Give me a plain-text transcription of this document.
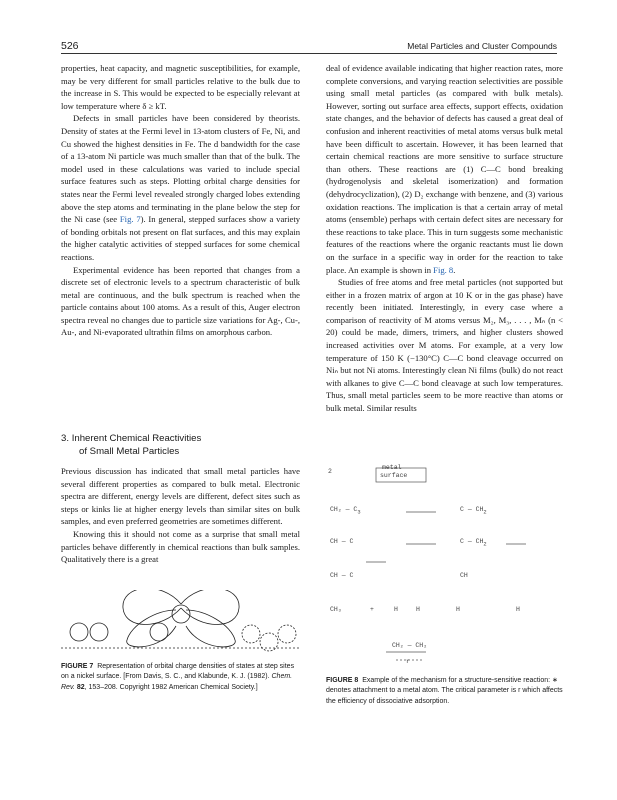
526	Metal Particles and Cluster Compounds

properties, heat capacity, and magnetic susceptibilities, for example, may be very different for small particles relative to the bulk due to the increase in S. This would be expected to be especially relevant at low temperature where δ ≥ kT.

Defects in small particles have been considered by theorists. Density of states at the Fermi level in 13-atom clusters of Fe, Ni, and Cu showed the highest densities in Fe. The d bandwidth for the case of a 13-atom Ni particle was much smaller than that of the bulk. The model used in these calculations was varied to include special surface features such as steps. Plotting orbital charge densities for states near the Fermi level revealed strongly charged lobes extending above the step atoms and terminating in the plane below the step for the Ni case (see Fig. 7). In general, stepped surfaces show a variety of bonding orbitals not present on flat surfaces, and this may explain the higher catalytic activities of stepped surfaces for some chemical reactions.

Experimental evidence has been reported that changes from a discrete set of electronic levels to a spectrum characteristic of bulk metal are continuous, and the bulk spectrum is reached when the particle contains about 100 atoms. As a result of this, Auger electron spectra reveal no changes due to particle size variations for Ag-, Cu-, Au-, and Ni-evaporated ultrathin films on amorphous carbon.

3. Inherent Chemical Reactivities
of Small Metal Particles

Previous discussion has indicated that small metal particles have several different properties as compared to bulk metal. Electronic spectra are different, energy levels are different, defect sites such as steps or kinks lie at higher energy levels than similar sites on bulk samples, and even preferred geometries are sometimes different.

Knowing this it should not come as a surprise that small metal particles behave differently in chemical reactions than bulk samples. Qualitatively there is a great

FIGURE 7 Representation of orbital charge densities of states at step sites on a nickel surface. [From Davis, S. C., and Klabunde, K. J. (1982). Chem. Rev. 82, 153–208. Copyright 1982 American Chemical Society.]

deal of evidence available indicating that higher reaction rates, more complete conversions, and varying reaction selectivities are possible using small metal particles (as compared with bulk metals). However, sorting out surface area effects, support effects, oxidation state changes, and the behavior of defects has caused a great deal of confusion and inherent reactivities of metal atoms versus bulk metal have been difficult to ascertain. However, it has been learned that certain chemical reactions are more sensitive to surface structure than others. These reactions are (1) C—C bond breaking (hydrogenolysis and skeletal isomerization) and formation (dehydrocyclization), (2) D₂ exchange with benzene, and (3) various oxidation reactions. The implication is that a certain array of metal atoms (ensemble) perhaps with certain defect sites are necessary for these reactions to take place. This in turn suggests some mechanistic features of the reactions where the organic reactants must lie down on the surface in a specific way in order for the reaction to take place. An example is shown in Fig. 8.

Studies of free atoms and free metal particles (not supported but either in a frozen matrix of argon at 10 K or in the gas phase) have recently been initiated. Interestingly, in every case where a comparison of reactivity of M atoms versus M₂, M₃, . . . , Mₙ (n < 20) could be made, dimers, trimers, and higher clusters showed increased activities over M atoms. For example, at a very low temperature of 150 K (−130°C) C—C bond cleavage occurred on Niₙ but not Ni atoms. Interestingly clean Ni films (bulk) do not react with alkanes to give C—C bond cleavage at such low temperatures. Thus, small metal particles seem to be more reactive than atoms or bulk metal. Similar results

2
metal
surface
CH₂ — $C_3$	C — $CH_2$
CH — C	C — $CH_2$
CH — C	CH
CH₃	+	H	H	H	H
CH₂ — CH₂
r
FIGURE 8 Example of the mechanism for a structure-sensitive reaction: ∗ denotes attachment to a metal atom. The critical parameter is r which affects the efficiency of dissociative adsorption.
